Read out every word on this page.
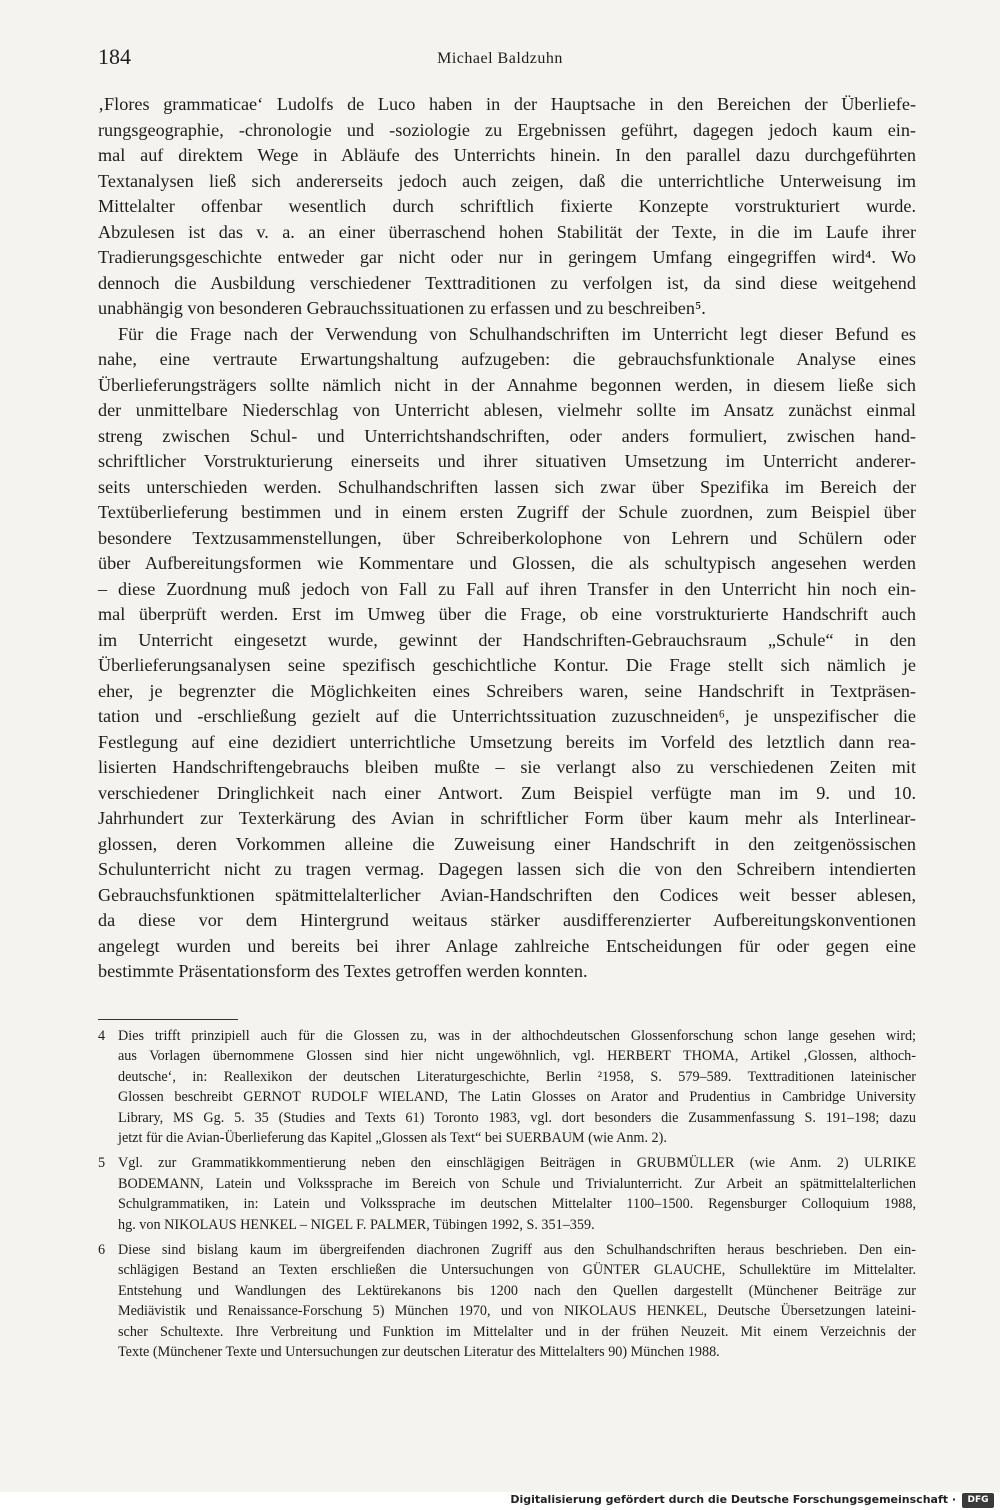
184	Michael Baldzuhn
‚Flores grammaticae‘ Ludolfs de Luco haben in der Hauptsache in den Bereichen der Überliefe-
rungsgeographie, -chronologie und -soziologie zu Ergebnissen geführt, dagegen jedoch kaum ein-
mal auf direktem Wege in Abläufe des Unterrichts hinein. In den parallel dazu durchgeführten
Textanalysen ließ sich andererseits jedoch auch zeigen, daß die unterrichtliche Unterweisung im
Mittelalter offenbar wesentlich durch schriftlich fixierte Konzepte vorstrukturiert wurde.
Abzulesen ist das v. a. an einer überraschend hohen Stabilität der Texte, in die im Laufe ihrer
Tradierungsgeschichte entweder gar nicht oder nur in geringem Umfang eingegriffen wird⁴. Wo
dennoch die Ausbildung verschiedener Texttraditionen zu verfolgen ist, da sind diese weitgehend
unabhängig von besonderen Gebrauchssituationen zu erfassen und zu beschreiben⁵.
Für die Frage nach der Verwendung von Schulhandschriften im Unterricht legt dieser Befund es
nahe, eine vertraute Erwartungshaltung aufzugeben: die gebrauchsfunktionale Analyse eines
Überlieferungsträgers sollte nämlich nicht in der Annahme begonnen werden, in diesem ließe sich
der unmittelbare Niederschlag von Unterricht ablesen, vielmehr sollte im Ansatz zunächst einmal
streng zwischen Schul- und Unterrichtshandschriften, oder anders formuliert, zwischen hand-
schriftlicher Vorstrukturierung einerseits und ihrer situativen Umsetzung im Unterricht anderer-
seits unterschieden werden. Schulhandschriften lassen sich zwar über Spezifika im Bereich der
Textüberlieferung bestimmen und in einem ersten Zugriff der Schule zuordnen, zum Beispiel über
besondere Textzusammenstellungen, über Schreiberkolophone von Lehrern und Schülern oder
über Aufbereitungsformen wie Kommentare und Glossen, die als schultypisch angesehen werden
– diese Zuordnung muß jedoch von Fall zu Fall auf ihren Transfer in den Unterricht hin noch ein-
mal überprüft werden. Erst im Umweg über die Frage, ob eine vorstrukturierte Handschrift auch
im Unterricht eingesetzt wurde, gewinnt der Handschriften-Gebrauchsraum „Schule“ in den
Überlieferungsanalysen seine spezifisch geschichtliche Kontur. Die Frage stellt sich nämlich je
eher, je begrenzter die Möglichkeiten eines Schreibers waren, seine Handschrift in Textpräsen-
tation und -erschließung gezielt auf die Unterrichtssituation zuzuschneiden⁶, je unspezifischer die
Festlegung auf eine dezidiert unterrichtliche Umsetzung bereits im Vorfeld des letztlich dann rea-
lisierten Handschriftengebrauchs bleiben mußte – sie verlangt also zu verschiedenen Zeiten mit
verschiedener Dringlichkeit nach einer Antwort. Zum Beispiel verfügte man im 9. und 10.
Jahrhundert zur Texterkärung des Avian in schriftlicher Form über kaum mehr als Interlinear-
glossen, deren Vorkommen alleine die Zuweisung einer Handschrift in den zeitgenössischen
Schulunterricht nicht zu tragen vermag. Dagegen lassen sich die von den Schreibern intendierten
Gebrauchsfunktionen spätmittelalterlicher Avian-Handschriften den Codices weit besser ablesen,
da diese vor dem Hintergrund weitaus stärker ausdifferenzierter Aufbereitungskonventionen
angelegt wurden und bereits bei ihrer Anlage zahlreiche Entscheidungen für oder gegen eine
bestimmte Präsentationsform des Textes getroffen werden konnten.
4 Dies trifft prinzipiell auch für die Glossen zu, was in der althochdeutschen Glossenforschung schon lange gesehen wird;
aus Vorlagen übernommene Glossen sind hier nicht ungewöhnlich, vgl. HERBERT THOMA, Artikel ‚Glossen, althoch-
deutsche‘, in: Reallexikon der deutschen Literaturgeschichte, Berlin ²1958, S. 579–589. Texttraditionen lateinischer
Glossen beschreibt GERNOT RUDOLF WIELAND, The Latin Glosses on Arator and Prudentius in Cambridge University
Library, MS Gg. 5. 35 (Studies and Texts 61) Toronto 1983, vgl. dort besonders die Zusammenfassung S. 191–198; dazu
jetzt für die Avian-Überlieferung das Kapitel „Glossen als Text“ bei SUERBAUM (wie Anm. 2).
5 Vgl. zur Grammatikkommentierung neben den einschlägigen Beiträgen in GRUBMÜLLER (wie Anm. 2) ULRIKE
BODEMANN, Latein und Volkssprache im Bereich von Schule und Trivialunterricht. Zur Arbeit an spätmittelalterlichen
Schulgrammatiken, in: Latein und Volkssprache im deutschen Mittelalter 1100–1500. Regensburger Colloquium 1988,
hg. von NIKOLAUS HENKEL – NIGEL F. PALMER, Tübingen 1992, S. 351–359.
6 Diese sind bislang kaum im übergreifenden diachronen Zugriff aus den Schulhandschriften heraus beschrieben. Den ein-
schlägigen Bestand an Texten erschließen die Untersuchungen von GÜNTER GLAUCHE, Schullektüre im Mittelalter.
Entstehung und Wandlungen des Lektürekanons bis 1200 nach den Quellen dargestellt (Münchener Beiträge zur
Mediävistik und Renaissance-Forschung 5) München 1970, und von NIKOLAUS HENKEL, Deutsche Übersetzungen lateini-
scher Schultexte. Ihre Verbreitung und Funktion im Mittelalter und in der frühen Neuzeit. Mit einem Verzeichnis der
Texte (Münchener Texte und Untersuchungen zur deutschen Literatur des Mittelalters 90) München 1988.
Digitalisierung gefördert durch die Deutsche Forschungsgemeinschaft ·	DFG
